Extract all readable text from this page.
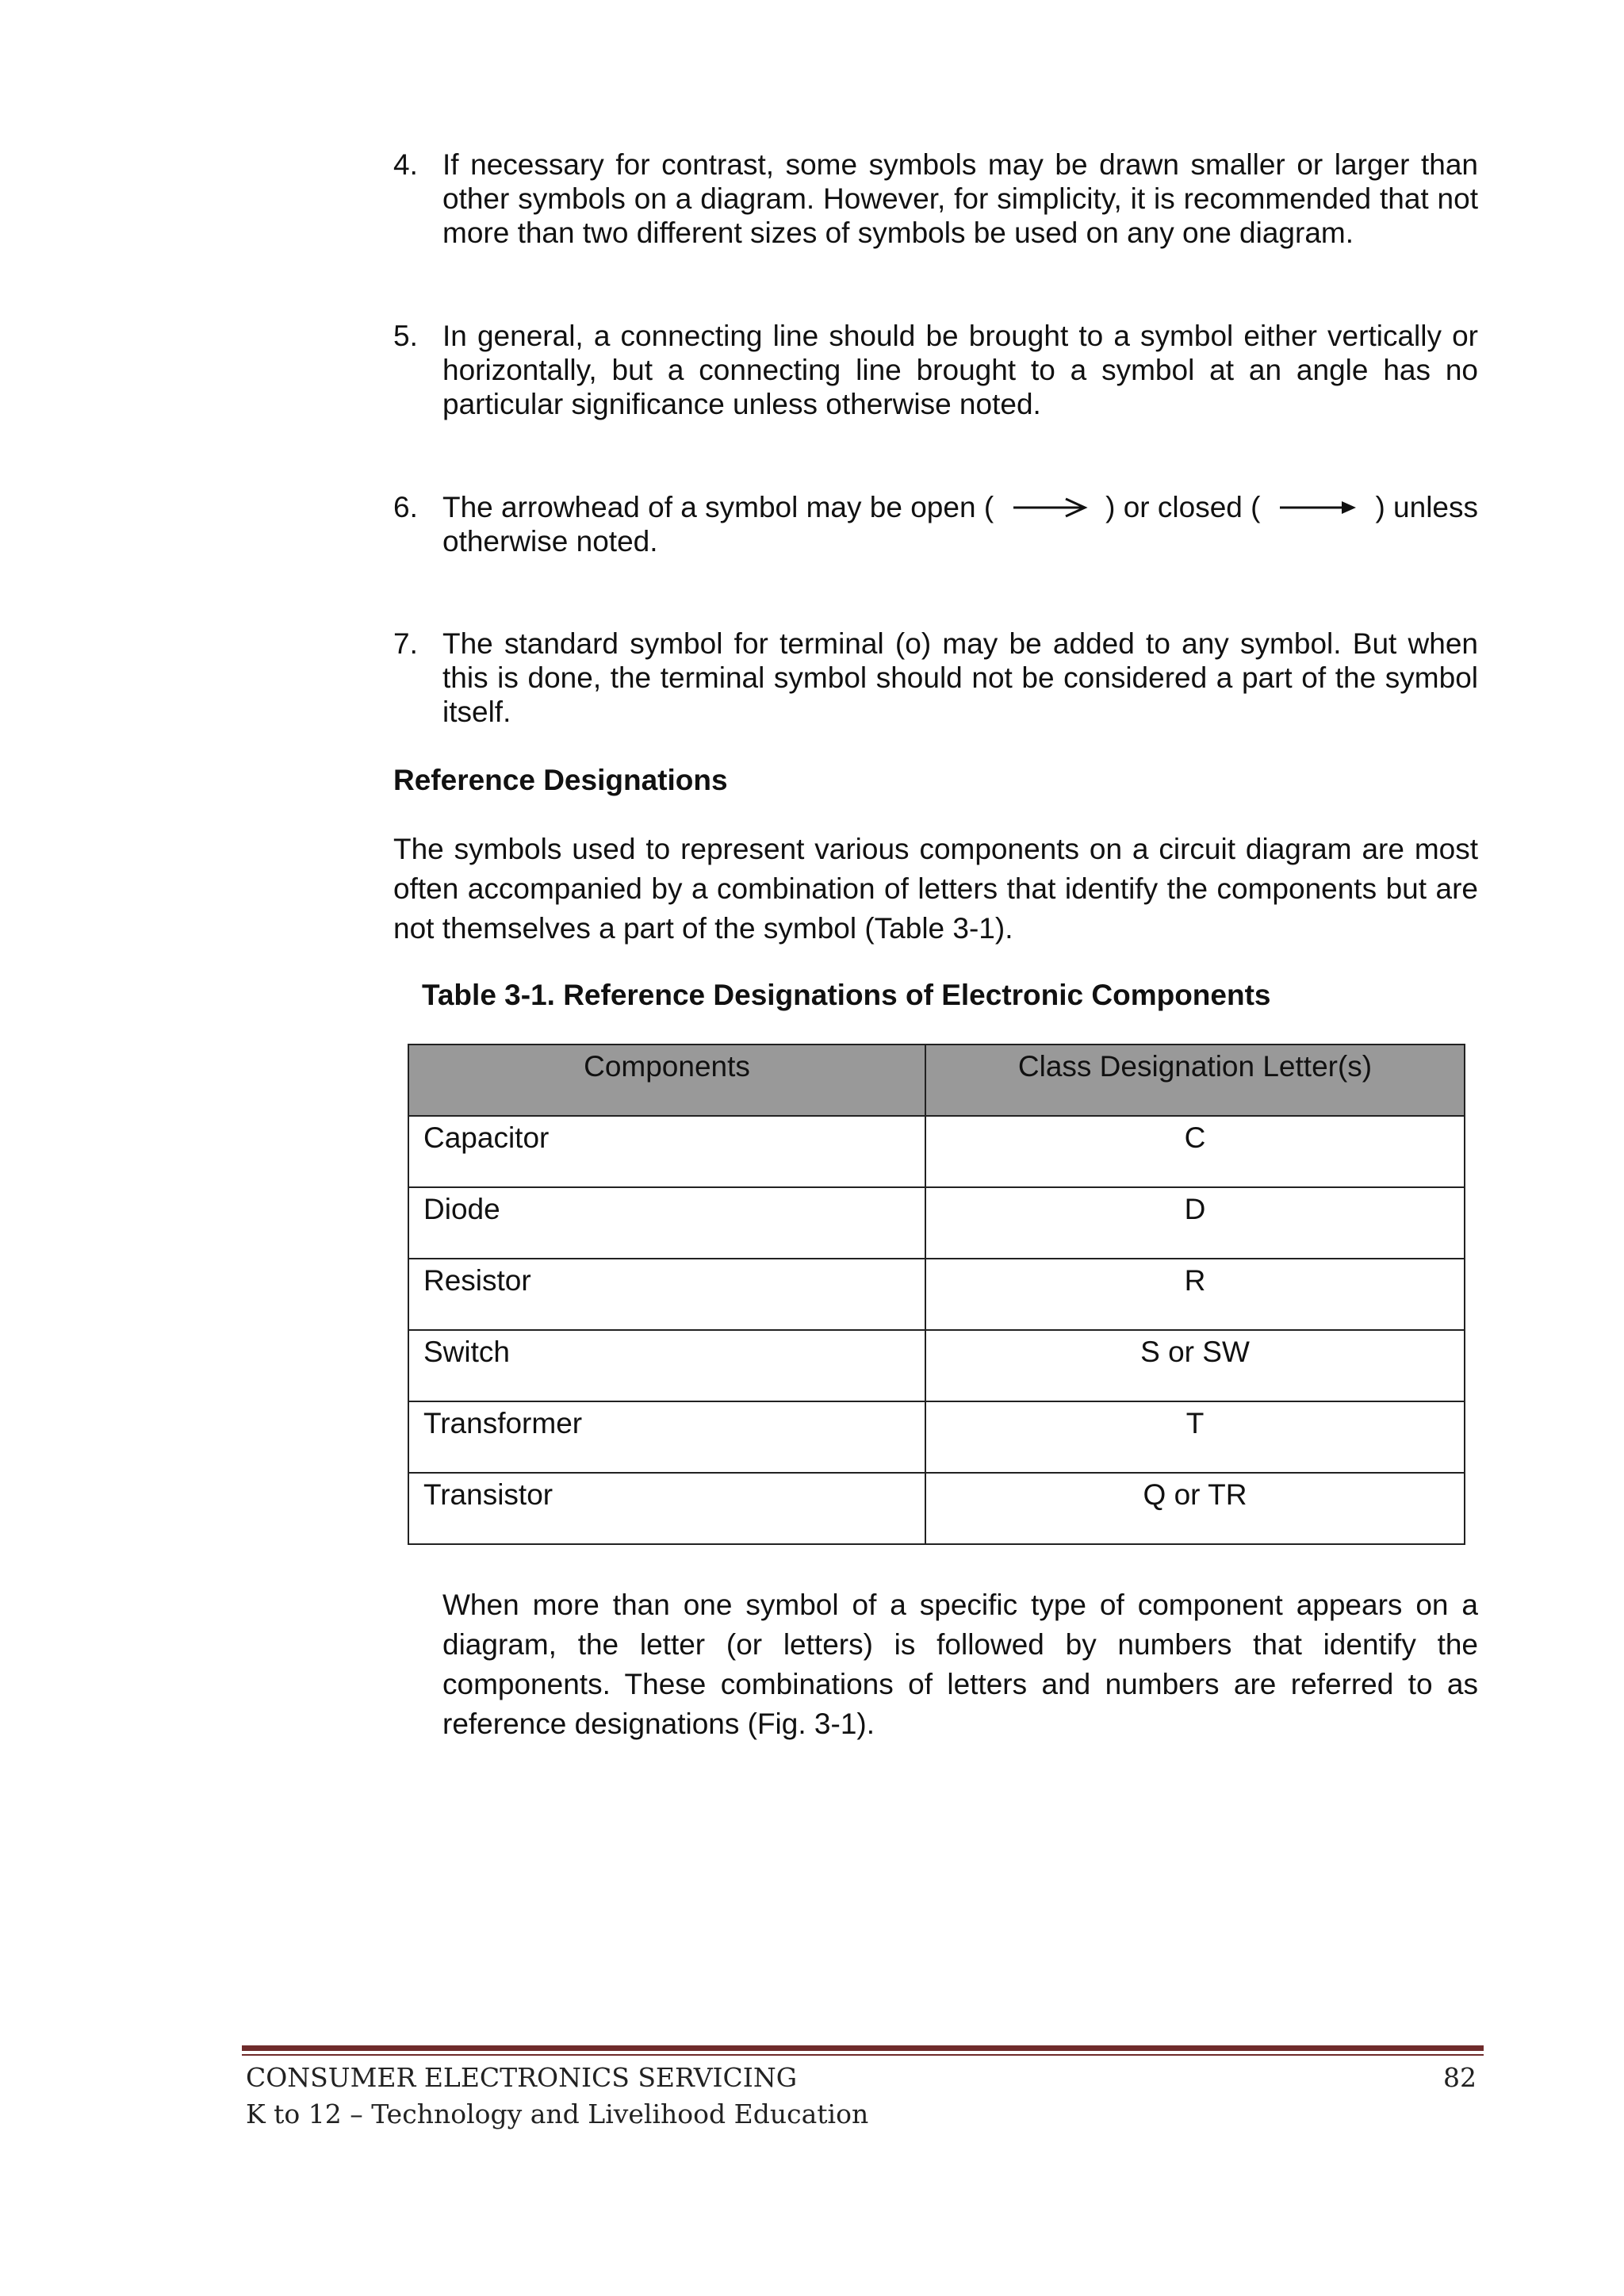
4. If necessary for contrast, some symbols may be drawn smaller or larger than other symbols on a diagram. However, for simplicity, it is recommended that not more than two different sizes of symbols be used on any one diagram.
5. In general, a connecting line should be brought to a symbol either vertically or horizontally, but a connecting line brought to a symbol at an angle has no particular significance unless otherwise noted.
6. The arrowhead of a symbol may be open (	) or closed (	) unless
otherwise noted.
7. The standard symbol for terminal (o) may be added to any symbol. But when this is done, the terminal symbol should not be considered a part of the symbol itself.
Reference Designations
The symbols used to represent various components on a circuit diagram are most often accompanied by a combination of letters that identify the components but are not themselves a part of the symbol (Table 3-1).
Table 3-1. Reference Designations of Electronic Components
Components	Class Designation Letter(s)
Capacitor	C
Diode	D
Resistor	R
Switch	S or SW
Transformer	T
Transistor	Q or TR
When more than one symbol of a specific type of component appears on a diagram, the letter (or letters) is followed by numbers that identify the components. These combinations of letters and numbers are referred to as reference designations (Fig. 3-1).
CONSUMER ELECTRONICS SERVICING
K to 12 – Technology and Livelihood Education
82
